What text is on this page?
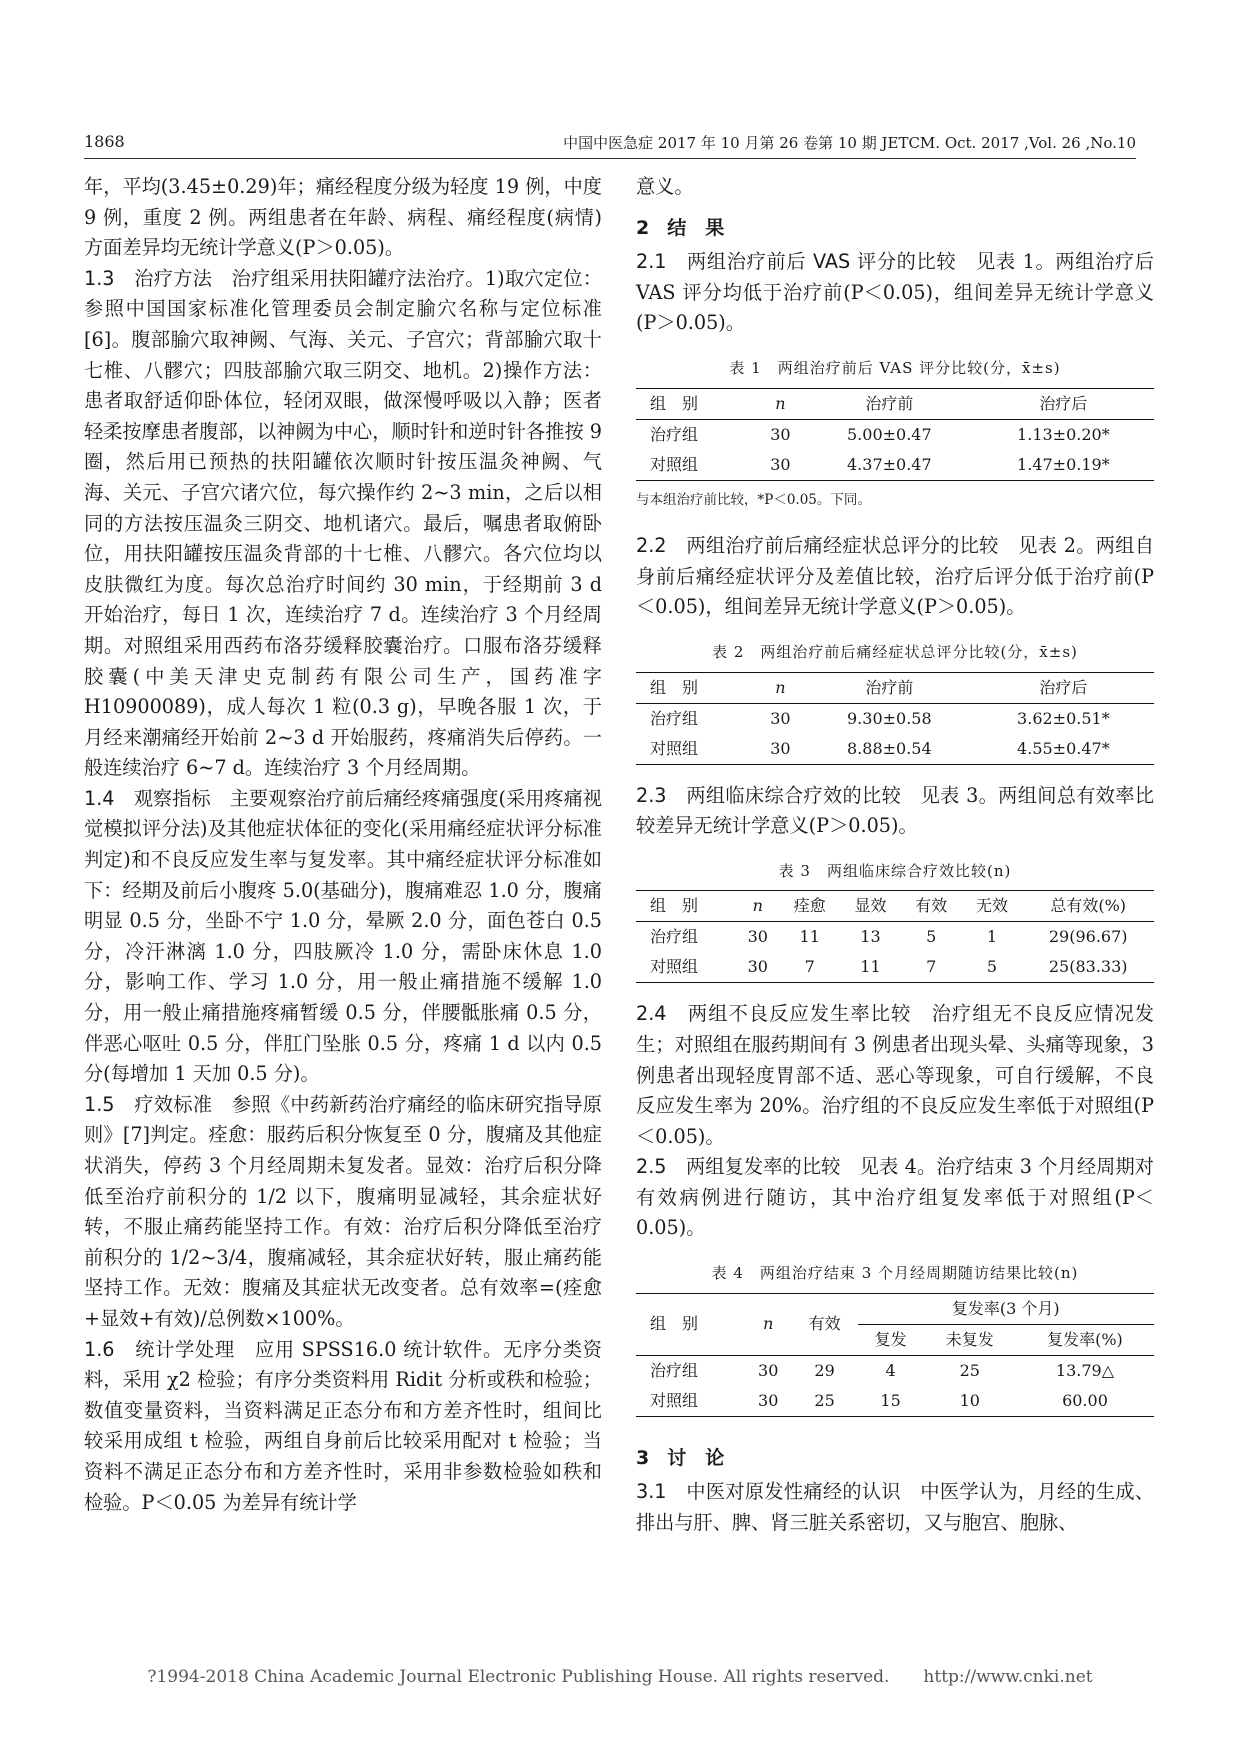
1868	中国中医急症 2017 年 10 月第 26 卷第 10 期 JETCM. Oct. 2017 ,Vol. 26 ,No.10

年，平均(3.45±0.29)年；痛经程度分级为轻度 19 例，中度 9 例，重度 2 例。两组患者在年龄、病程、痛经程度(病情)方面差异均无统计学意义(P＞0.05)。

1.3　治疗方法　治疗组采用扶阳罐疗法治疗。1)取穴定位：参照中国国家标准化管理委员会制定腧穴名称与定位标准[6]。腹部腧穴取神阙、气海、关元、子宫穴；背部腧穴取十七椎、八髎穴；四肢部腧穴取三阴交、地机。2)操作方法：患者取舒适仰卧体位，轻闭双眼，做深慢呼吸以入静；医者轻柔按摩患者腹部，以神阙为中心，顺时针和逆时针各推按 9 圈，然后用已预热的扶阳罐依次顺时针按压温灸神阙、气海、关元、子宫穴诸穴位，每穴操作约 2~3 min，之后以相同的方法按压温灸三阴交、地机诸穴。最后，嘱患者取俯卧位，用扶阳罐按压温灸背部的十七椎、八髎穴。各穴位均以皮肤微红为度。每次总治疗时间约 30 min，于经期前 3 d 开始治疗，每日 1 次，连续治疗 7 d。连续治疗 3 个月经周期。对照组采用西药布洛芬缓释胶囊治疗。口服布洛芬缓释胶囊(中美天津史克制药有限公司生产，国药准字H10900089)，成人每次 1 粒(0.3 g)，早晚各服 1 次，于月经来潮痛经开始前 2~3 d 开始服药，疼痛消失后停药。一般连续治疗 6~7 d。连续治疗 3 个月经周期。

1.4　观察指标　主要观察治疗前后痛经疼痛强度(采用疼痛视觉模拟评分法)及其他症状体征的变化(采用痛经症状评分标准判定)和不良反应发生率与复发率。其中痛经症状评分标准如下：经期及前后小腹疼 5.0(基础分)，腹痛难忍 1.0 分，腹痛明显 0.5 分，坐卧不宁 1.0 分，晕厥 2.0 分，面色苍白 0.5 分，冷汗淋漓 1.0 分，四肢厥冷 1.0 分，需卧床休息 1.0 分，影响工作、学习 1.0 分，用一般止痛措施不缓解 1.0 分，用一般止痛措施疼痛暂缓 0.5 分，伴腰骶胀痛 0.5 分，伴恶心呕吐 0.5 分，伴肛门坠胀 0.5 分，疼痛 1 d 以内 0.5 分(每增加 1 天加 0.5 分)。

1.5　疗效标准　参照《中药新药治疗痛经的临床研究指导原则》[7]判定。痊愈：服药后积分恢复至 0 分，腹痛及其他症状消失，停药 3 个月经周期未复发者。显效：治疗后积分降低至治疗前积分的 1/2 以下，腹痛明显减轻，其余症状好转，不服止痛药能坚持工作。有效：治疗后积分降低至治疗前积分的 1/2~3/4，腹痛减轻，其余症状好转，服止痛药能坚持工作。无效：腹痛及其症状无改变者。总有效率=(痊愈+显效+有效)/总例数×100%。

1.6　统计学处理　应用 SPSS16.0 统计软件。无序分类资料，采用 χ2 检验；有序分类资料用 Ridit 分析或秩和检验；数值变量资料，当资料满足正态分布和方差齐性时，组间比较采用成组 t 检验，两组自身前后比较采用配对 t 检验；当资料不满足正态分布和方差齐性时，采用非参数检验如秩和检验。P＜0.05 为差异有统计学

意义。

2 结　果

2.1　两组治疗前后 VAS 评分的比较　见表 1。两组治疗后 VAS 评分均低于治疗前(P＜0.05)，组间差异无统计学意义(P＞0.05)。

表 1　两组治疗前后 VAS 评分比较(分，x̄±s)
组　别	n	治疗前	治疗后
治疗组	30	5.00±0.47	1.13±0.20*
对照组	30	4.37±0.47	1.47±0.19*
与本组治疗前比较，*P＜0.05。下同。

2.2　两组治疗前后痛经症状总评分的比较　见表 2。两组自身前后痛经症状评分及差值比较，治疗后评分低于治疗前(P＜0.05)，组间差异无统计学意义(P＞0.05)。

表 2　两组治疗前后痛经症状总评分比较(分，x̄±s)
组　别	n	治疗前	治疗后
治疗组	30	9.30±0.58	3.62±0.51*
对照组	30	8.88±0.54	4.55±0.47*

2.3　两组临床综合疗效的比较　见表 3。两组间总有效率比较差异无统计学意义(P＞0.05)。

表 3　两组临床综合疗效比较(n)
组　别	n	痊愈	显效	有效	无效	总有效(%)
治疗组	30	11	13	5	1	29(96.67)
对照组	30	7	11	7	5	25(83.33)

2.4　两组不良反应发生率比较　治疗组无不良反应情况发生；对照组在服药期间有 3 例患者出现头晕、头痛等现象，3 例患者出现轻度胃部不适、恶心等现象，可自行缓解，不良反应发生率为 20%。治疗组的不良反应发生率低于对照组(P＜0.05)。

2.5　两组复发率的比较　见表 4。治疗结束 3 个月经周期对有效病例进行随访，其中治疗组复发率低于对照组(P＜0.05)。

表 4　两组治疗结束 3 个月经周期随访结果比较(n)
组　别	n	有效	复发率(3 个月)		
			复发	未复发	复发率(%)
治疗组	30	29	4	25	13.79△
对照组	30	25	15	10	60.00
3 讨　论

3.1　中医对原发性痛经的认识　中医学认为，月经的生成、排出与肝、脾、肾三脏关系密切，又与胞宫、胞脉、

?1994-2018 China Academic Journal Electronic Publishing House. All rights reserved.　　http://www.cnki.net
